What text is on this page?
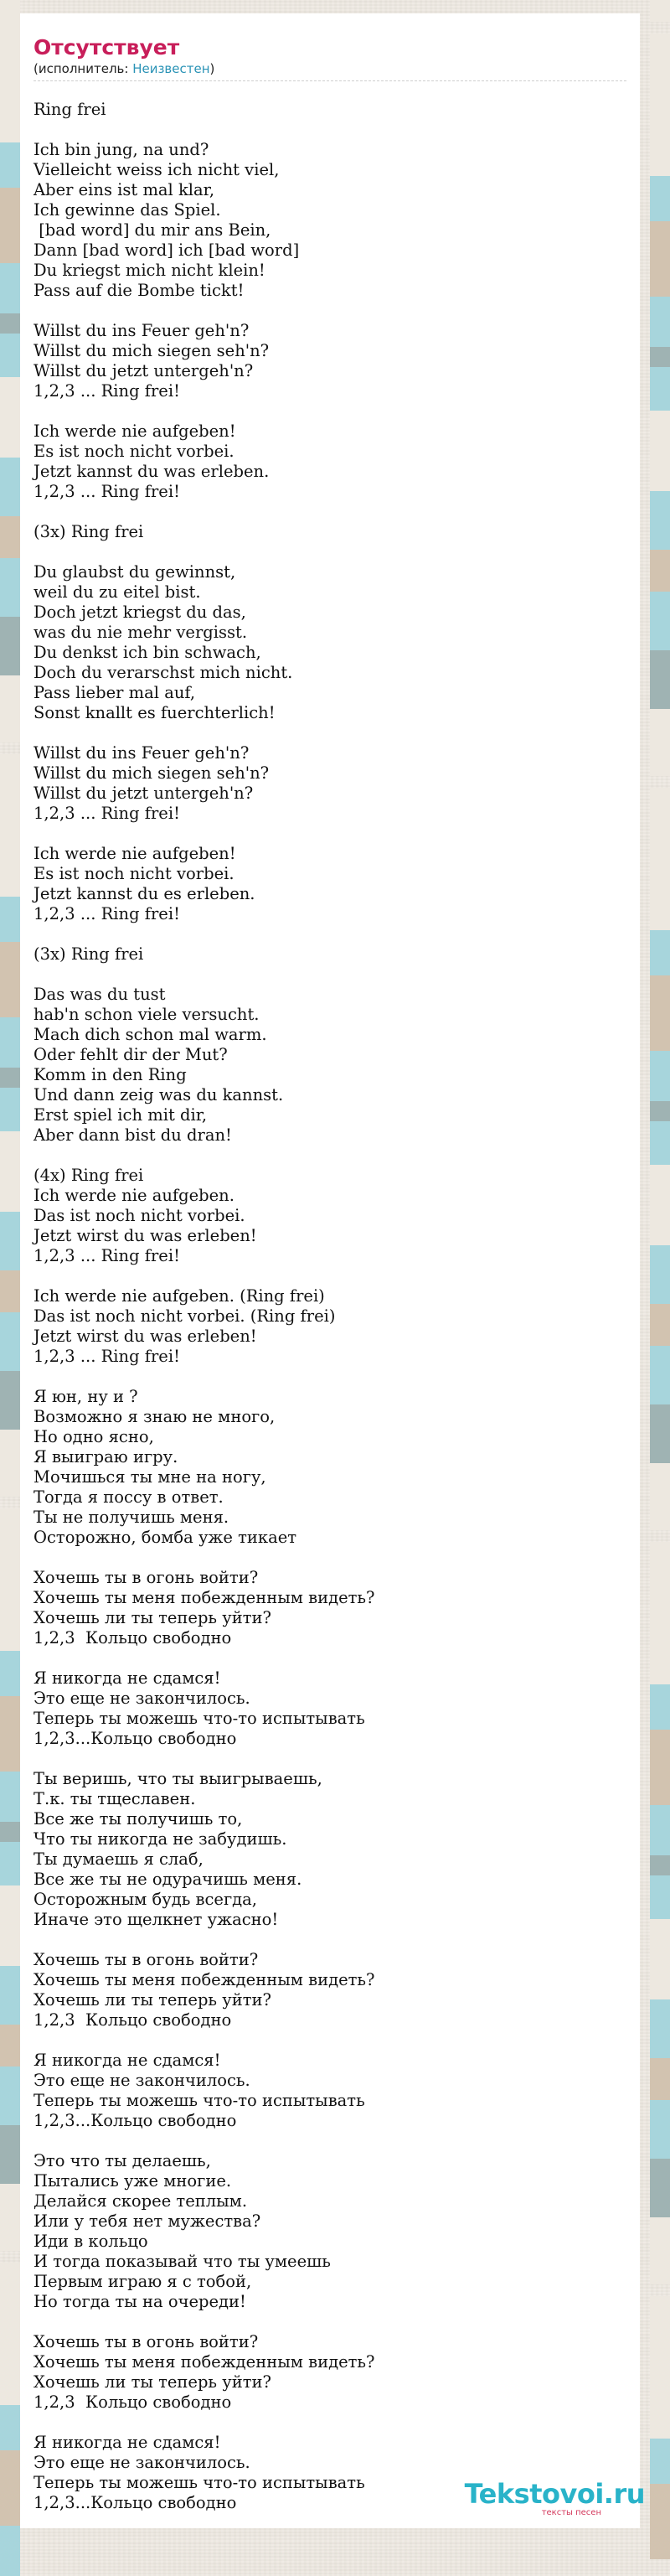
Отсутствует
(исполнитель: Неизвестен)
Ring frei

Ich bin jung, na und?
Vielleicht weiss ich nicht viel,
Aber eins ist mal klar,
Ich gewinne das Spiel.
[bad word] du mir ans Bein,
Dann [bad word] ich [bad word]
Du kriegst mich nicht klein!
Pass auf die Bombe tickt!

Willst du ins Feuer geh'n?
Willst du mich siegen seh'n?
Willst du jetzt untergeh'n?
1,2,3 ... Ring frei!

Ich werde nie aufgeben!
Es ist noch nicht vorbei.
Jetzt kannst du was erleben.
1,2,3 ... Ring frei!

(3x) Ring frei

Du glaubst du gewinnst,
weil du zu eitel bist.
Doch jetzt kriegst du das,
was du nie mehr vergisst.
Du denkst ich bin schwach,
Doch du verarschst mich nicht.
Pass lieber mal auf,
Sonst knallt es fuerchterlich!

Willst du ins Feuer geh'n?
Willst du mich siegen seh'n?
Willst du jetzt untergeh'n?
1,2,3 ... Ring frei!

Ich werde nie aufgeben!
Es ist noch nicht vorbei.
Jetzt kannst du es erleben.
1,2,3 ... Ring frei!

(3x) Ring frei

Das was du tust
hab'n schon viele versucht.
Mach dich schon mal warm.
Oder fehlt dir der Mut?
Komm in den Ring
Und dann zeig was du kannst.
Erst spiel ich mit dir,
Aber dann bist du dran!

(4x) Ring frei
Ich werde nie aufgeben.
Das ist noch nicht vorbei.
Jetzt wirst du was erleben!
1,2,3 ... Ring frei!

Ich werde nie aufgeben. (Ring frei)
Das ist noch nicht vorbei. (Ring frei)
Jetzt wirst du was erleben!
1,2,3 ... Ring frei!

Я юн, ну и ?
Возможно я знаю не много,
Но одно ясно,
Я выиграю игру.
Мочишься ты мне на ногу,
Тогда я поссу в ответ.
Ты не получишь меня.
Осторожно, бомба уже тикает

Хочешь ты в огонь войти?
Хочешь ты меня побежденным видеть?
Хочешь ли ты теперь уйти?
1,2,3  Кольцо свободно

Я никогда не сдамся!
Это еще не закончилось.
Теперь ты можешь что-то испытывать
1,2,3...Кольцо свободно

Ты веришь, что ты выигрываешь,
Т.к. ты тщеславен.
Все же ты получишь то,
Что ты никогда не забудишь.
Ты думаешь я слаб,
Все же ты не одурачишь меня.
Осторожным будь всегда,
Иначе это щелкнет ужасно!

Хочешь ты в огонь войти?
Хочешь ты меня побежденным видеть?
Хочешь ли ты теперь уйти?
1,2,3  Кольцо свободно

Я никогда не сдамся!
Это еще не закончилось.
Теперь ты можешь что-то испытывать
1,2,3...Кольцо свободно

Это что ты делаешь,
Пытались уже многие.
Делайся скорее теплым.
Или у тебя нет мужества?
Иди в кольцо
И тогда показывай что ты умеешь
Первым играю я с тобой,
Но тогда ты на очереди!

Хочешь ты в огонь войти?
Хочешь ты меня побежденным видеть?
Хочешь ли ты теперь уйти?
1,2,3  Кольцо свободно

Я никогда не сдамся!
Это еще не закончилось.
Теперь ты можешь что-то испытывать
1,2,3...Кольцо свободно	Tekstovoi.ru
тексты песен
